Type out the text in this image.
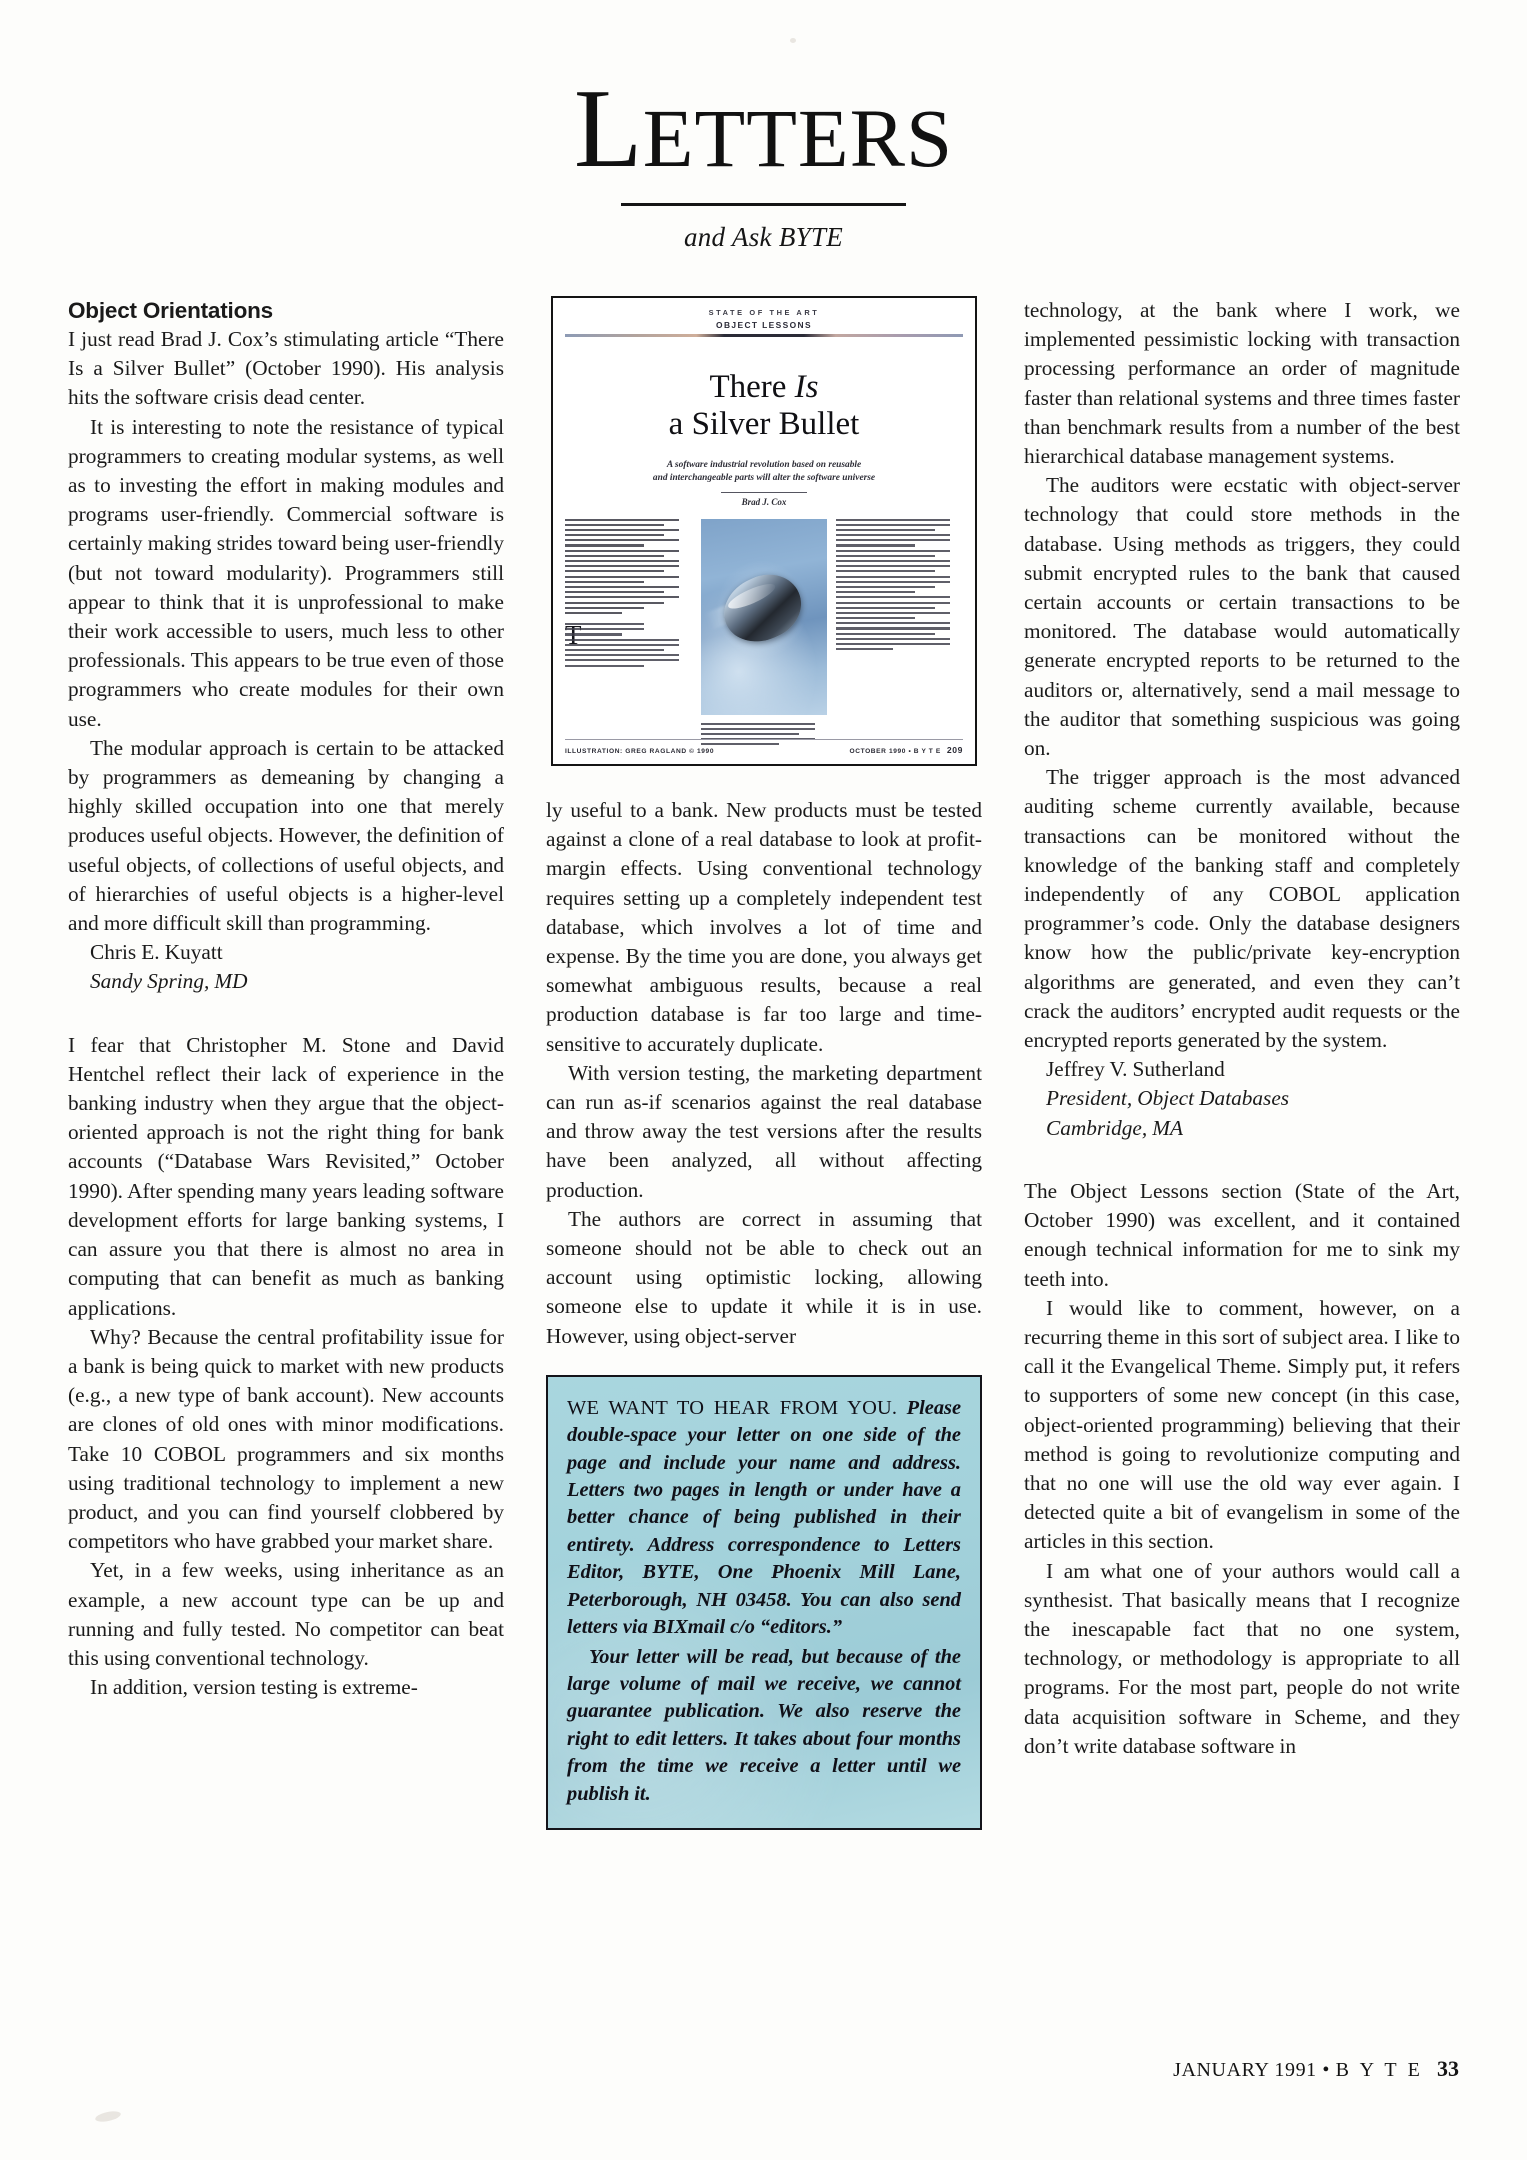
LETTERS
and Ask BYTE
Object Orientations

I just read Brad J. Cox’s stimulating article “There Is a Silver Bullet” (October 1990). His analysis hits the software crisis dead center.

It is interesting to note the resistance of typical programmers to creating modular systems, as well as to investing the effort in making modules and programs user-friendly. Commercial software is certainly making strides toward being user-friendly (but not toward modularity). Programmers still appear to think that it is unprofessional to make their work accessible to users, much less to other professionals. This appears to be true even of those programmers who create modules for their own use.

The modular approach is certain to be attacked by programmers as demeaning by changing a highly skilled occupation into one that merely produces useful objects. However, the definition of useful objects, of collections of useful objects, and of hierarchies of useful objects is a higher-level and more difficult skill than programming.

Chris E. Kuyatt
Sandy Spring, MD

I fear that Christopher M. Stone and David Hentchel reflect their lack of experience in the banking industry when they argue that the object-oriented approach is not the right thing for bank accounts (“Database Wars Revisited,” October 1990). After spending many years leading software development efforts for large banking systems, I can assure you that there is almost no area in computing that can benefit as much as banking applications.

Why? Because the central profitability issue for a bank is being quick to market with new products (e.g., a new type of bank account). New accounts are clones of old ones with minor modifications. Take 10 COBOL programmers and six months using traditional technology to implement a new product, and you can find yourself clobbered by competitors who have grabbed your market share.

Yet, in a few weeks, using inheritance as an example, a new account type can be up and running and fully tested. No competitor can beat this using conventional technology.

In addition, version testing is extreme-

STATE OF THE ART
OBJECT LESSONS
There Is
a Silver Bullet
A software industrial revolution based on reusable
and interchangeable parts will alter the software universe
Brad J. Cox
ILLUSTRATION: GREG RAGLAND © 1990	OCTOBER 1990 • B Y T E 209

ly useful to a bank. New products must be tested against a clone of a real database to look at profit-margin effects. Using conventional technology requires setting up a completely independent test database, which involves a lot of time and expense. By the time you are done, you always get somewhat ambiguous results, because a real production database is far too large and time-sensitive to accurately duplicate.

With version testing, the marketing department can run as-if scenarios against the real database and throw away the test versions after the results have been analyzed, all without affecting production.

The authors are correct in assuming that someone should not be able to check out an account using optimistic locking, allowing someone else to update it while it is in use. However, using object-server

WE WANT TO HEAR FROM YOU. Please double-space your letter on one side of the page and include your name and address. Letters two pages in length or under have a better chance of being published in their entirety. Address correspondence to Letters Editor, BYTE, One Phoenix Mill Lane, Peterborough, NH 03458. You can also send letters via BIXmail c/o “editors.”

Your letter will be read, but because of the large volume of mail we receive, we cannot guarantee publication. We also reserve the right to edit letters. It takes about four months from the time we receive a letter until we publish it.

technology, at the bank where I work, we implemented pessimistic locking with transaction processing performance an order of magnitude faster than relational systems and three times faster than benchmark results from a number of the best hierarchical database management systems.

The auditors were ecstatic with object-server technology that could store methods in the database. Using methods as triggers, they could submit encrypted rules to the bank that caused certain accounts or certain transactions to be monitored. The database would automatically generate encrypted reports to be returned to the auditors or, alternatively, send a mail message to the auditor that something suspicious was going on.

The trigger approach is the most advanced auditing scheme currently available, because transactions can be monitored without the knowledge of the banking staff and completely independently of any COBOL application programmer’s code. Only the database designers know how the public/private key-encryption algorithms are generated, and even they can’t crack the auditors’ encrypted audit requests or the encrypted reports generated by the system.

Jeffrey V. Sutherland
President, Object Databases
Cambridge, MA

The Object Lessons section (State of the Art, October 1990) was excellent, and it contained enough technical information for me to sink my teeth into.

I would like to comment, however, on a recurring theme in this sort of subject area. I like to call it the Evangelical Theme. Simply put, it refers to supporters of some new concept (in this case, object-oriented programming) believing that their method is going to revolutionize computing and that no one will use the old way ever again. I detected quite a bit of evangelism in some of the articles in this section.

I am what one of your authors would call a synthesist. That basically means that I recognize the inescapable fact that no one system, technology, or methodology is appropriate to all programs. For the most part, people do not write data acquisition software in Scheme, and they don’t write database software in

JANUARY 1991 • B Y T E 33
